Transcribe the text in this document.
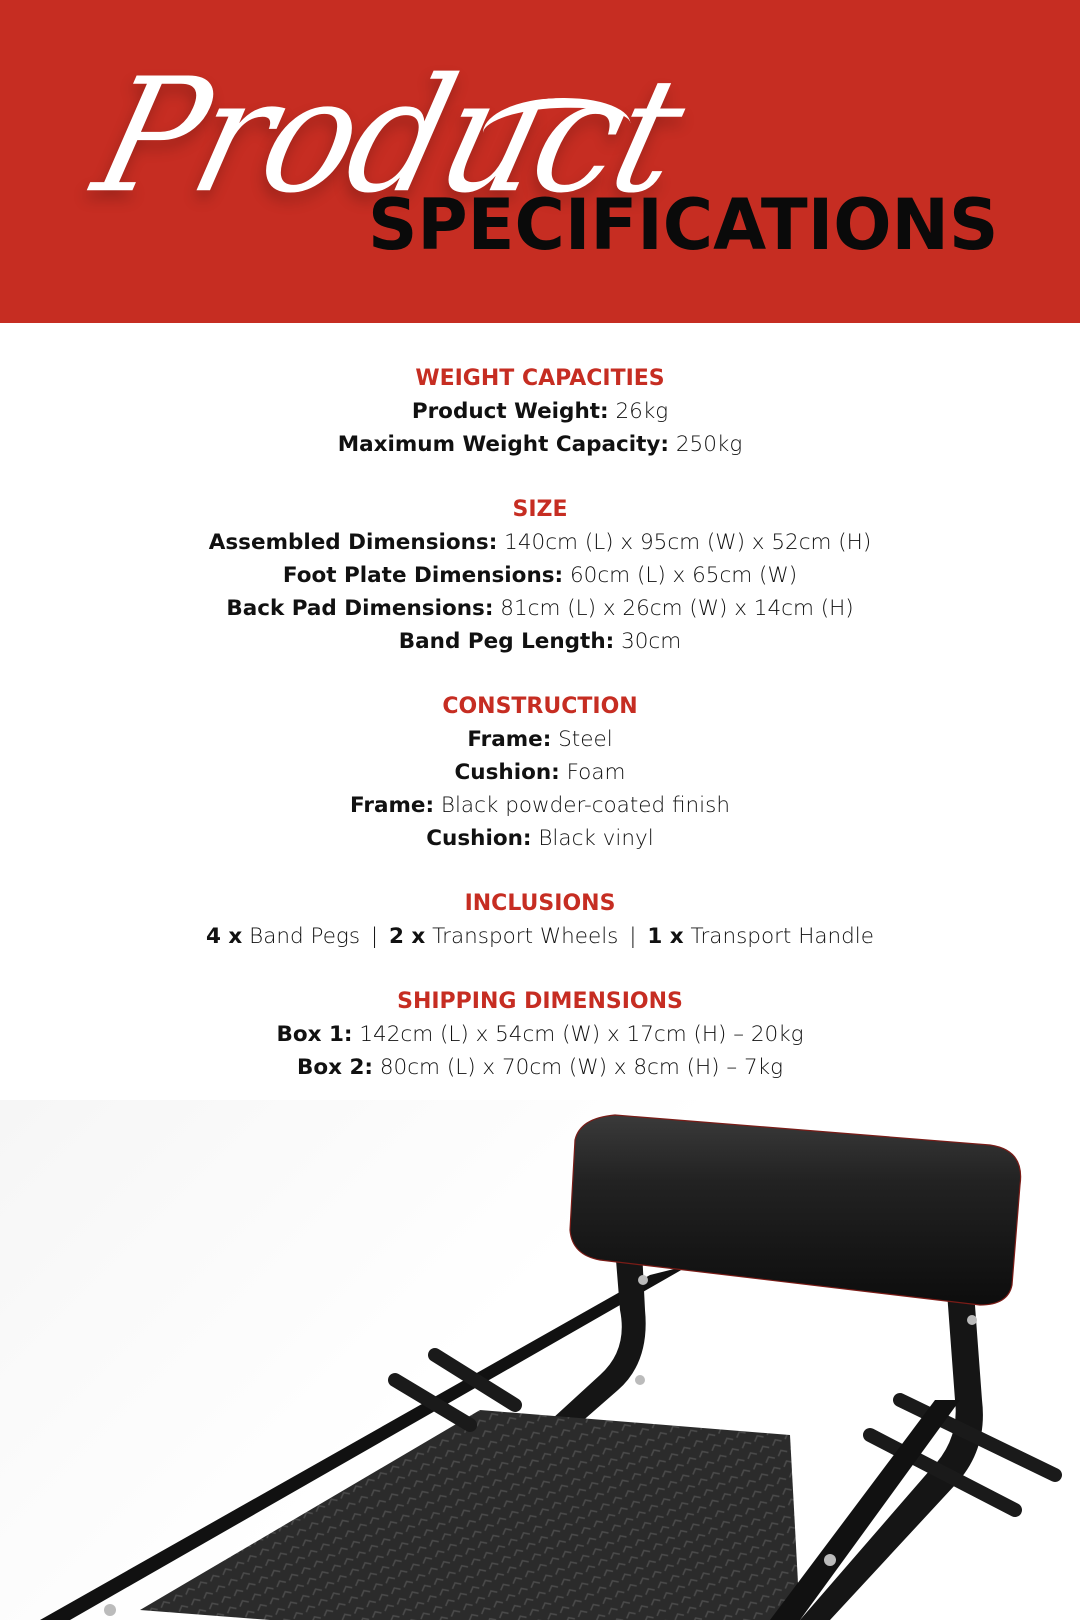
Product
SPECIFICATIONS
WEIGHT CAPACITIES
Product Weight: 26kg
Maximum Weight Capacity: 250kg
SIZE
Assembled Dimensions: 140cm (L) x 95cm (W) x 52cm (H)
Foot Plate Dimensions: 60cm (L) x 65cm (W)
Back Pad Dimensions: 81cm (L) x 26cm (W) x 14cm (H)
Band Peg Length: 30cm
CONSTRUCTION
Frame: Steel
Cushion: Foam
Frame: Black powder-coated finish
Cushion: Black vinyl
INCLUSIONS
4 x Band Pegs | 2 x Transport Wheels | 1 x Transport Handle
SHIPPING DIMENSIONS
Box 1: 142cm (L) x 54cm (W) x 17cm (H) – 20kg
Box 2: 80cm (L) x 70cm (W) x 8cm (H) – 7kg
